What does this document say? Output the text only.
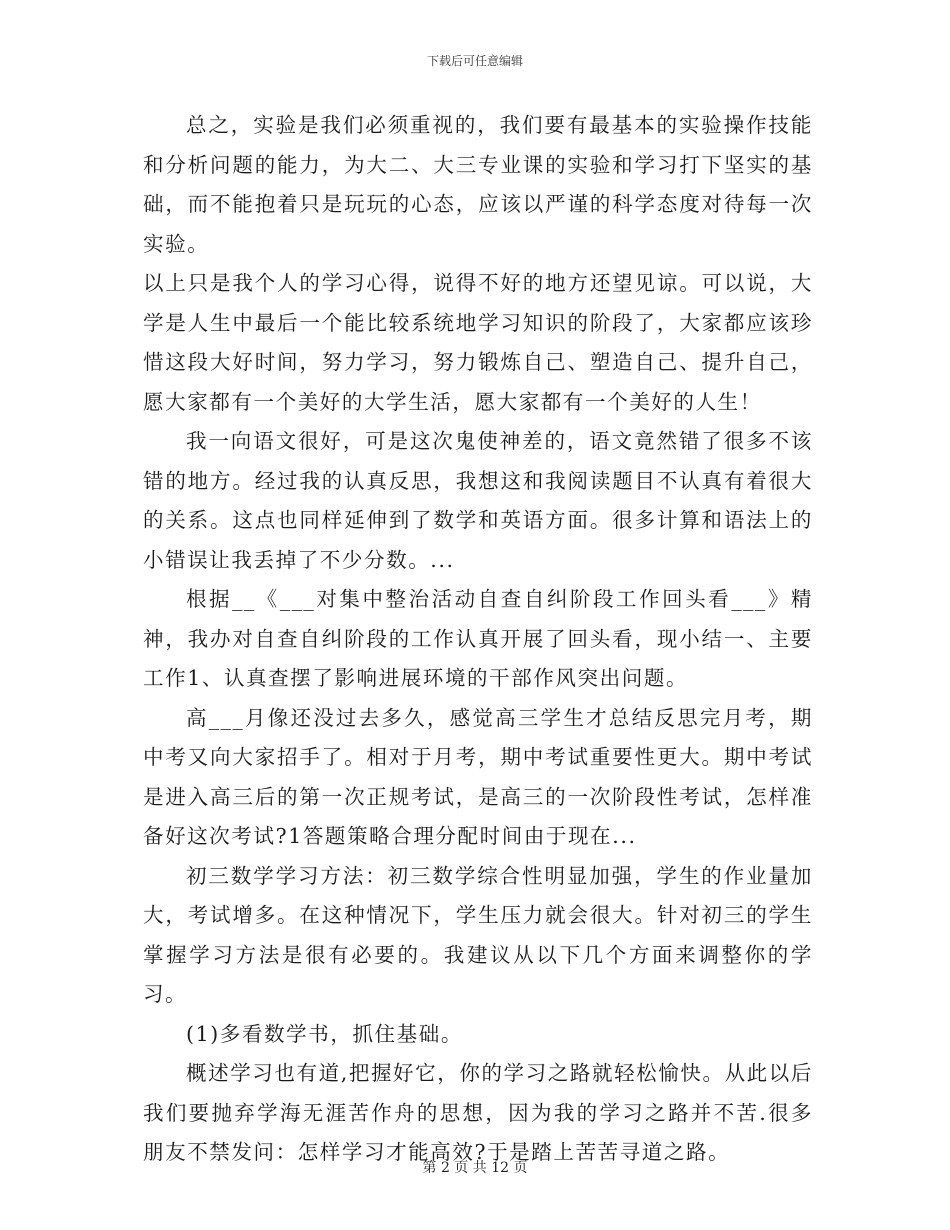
下载后可任意编辑

总之，实验是我们必须重视的，我们要有最基本的实验操作技能和分析问题的能力，为大二、大三专业课的实验和学习打下坚实的基础，而不能抱着只是玩玩的心态，应该以严谨的科学态度对待每一次实验。

以上只是我个人的学习心得，说得不好的地方还望见谅。可以说，大学是人生中最后一个能比较系统地学习知识的阶段了，大家都应该珍惜这段大好时间，努力学习，努力锻炼自己、塑造自己、提升自己，愿大家都有一个美好的大学生活，愿大家都有一个美好的人生！

我一向语文很好，可是这次鬼使神差的，语文竟然错了很多不该错的地方。经过我的认真反思，我想这和我阅读题目不认真有着很大的关系。这点也同样延伸到了数学和英语方面。很多计算和语法上的小错误让我丢掉了不少分数。...

根据__《___对集中整治活动自查自纠阶段工作回头看___》精神，我办对自查自纠阶段的工作认真开展了回头看，现小结一、主要工作1、认真查摆了影响进展环境的干部作风突出问题。

高___月像还没过去多久，感觉高三学生才总结反思完月考，期中考又向大家招手了。相对于月考，期中考试重要性更大。期中考试是进入高三后的第一次正规考试，是高三的一次阶段性考试，怎样准备好这次考试?1答题策略合理分配时间由于现在...

初三数学学习方法：初三数学综合性明显加强，学生的作业量加大，考试增多。在这种情况下，学生压力就会很大。针对初三的学生掌握学习方法是很有必要的。我建议从以下几个方面来调整你的学习。

(1)多看数学书，抓住基础。

概述学习也有道,把握好它，你的学习之路就轻松愉快。从此以后我们要抛弃学海无涯苦作舟的思想，因为我的学习之路并不苦.很多朋友不禁发问：怎样学习才能高效?于是踏上苦苦寻道之路。

第 2 页 共 12 页
